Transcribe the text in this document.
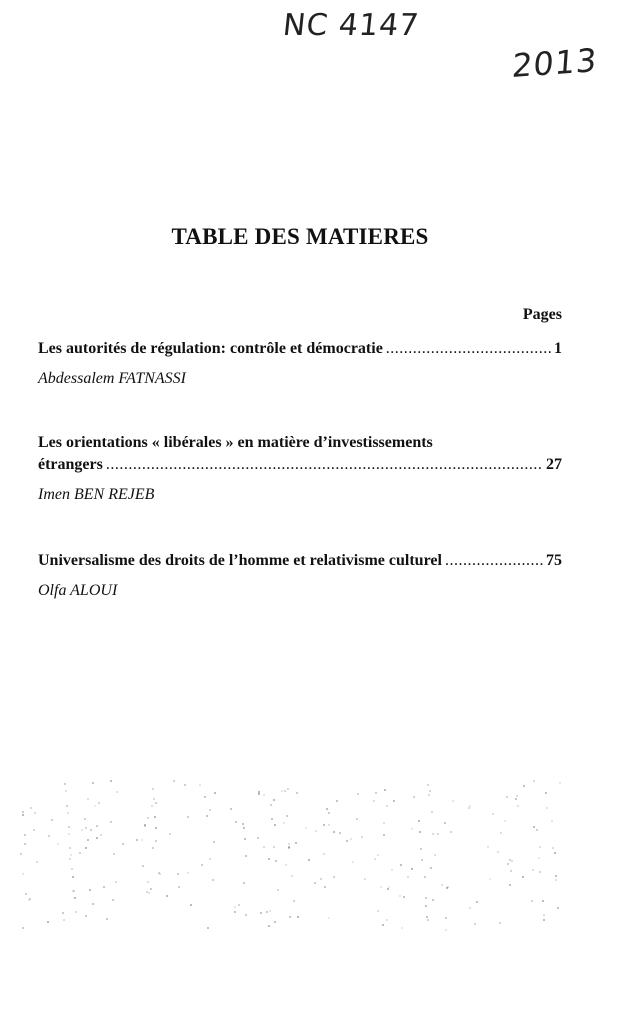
NC 4147
2013
TABLE DES MATIERES
Pages
Les autorités de régulation: contrôle et démocratie .....	1
Abdessalem FATNASSI
Les orientations « libérales » en matière d’investissements
étrangers .....	27
Imen BEN REJEB
Universalisme des droits de l’homme et relativisme culturel .....	75
Olfa ALOUI
